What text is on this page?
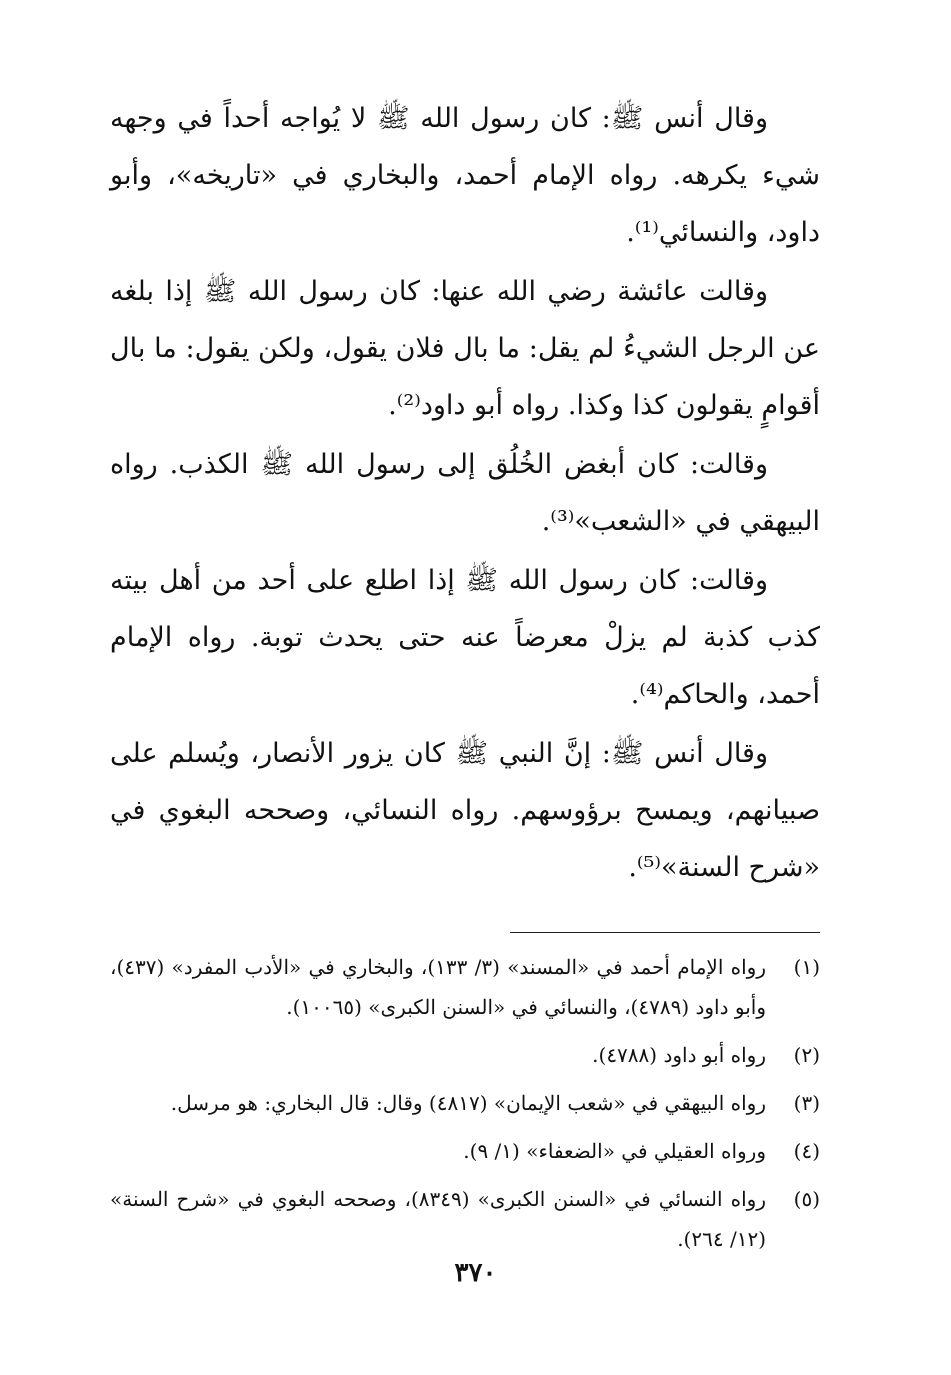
وقال أنس ﷺ: كان رسول الله ﷺ لا يُواجه أحداً في وجهه شيء يكرهه. رواه الإمام أحمد، والبخاري في «تاريخه»، وأبو داود، والنسائي⁽¹⁾.

وقالت عائشة رضي الله عنها: كان رسول الله ﷺ إذا بلغه عن الرجل الشيءُ لم يقل: ما بال فلان يقول، ولكن يقول: ما بال أقوامٍ يقولون كذا وكذا. رواه أبو داود⁽²⁾.

وقالت: كان أبغض الخُلُق إلى رسول الله ﷺ الكذب. رواه البيهقي في «الشعب»⁽³⁾.

وقالت: كان رسول الله ﷺ إذا اطلع على أحد من أهل بيته كذب كذبة لم يزلْ معرضاً عنه حتى يحدث توبة. رواه الإمام أحمد، والحاكم⁽⁴⁾.

وقال أنس ﷺ: إنَّ النبي ﷺ كان يزور الأنصار، ويُسلم على صبيانهم، ويمسح برؤوسهم. رواه النسائي، وصححه البغوي في «شرح السنة»⁽⁵⁾.

(١)
رواه الإمام أحمد في «المسند» (٣/ ١٣٣)، والبخاري في «الأدب المفرد» (٤٣٧)، وأبو داود (٤٧٨٩)، والنسائي في «السنن الكبرى» (١٠٠٦٥).
(٢)
رواه أبو داود (٤٧٨٨).
(٣)
رواه البيهقي في «شعب الإيمان» (٤٨١٧) وقال: قال البخاري: هو مرسل.
(٤)
ورواه العقيلي في «الضعفاء» (١/ ٩).
(٥)
رواه النسائي في «السنن الكبرى» (٨٣٤٩)، وصححه البغوي في «شرح السنة» (١٢/ ٢٦٤).
٣٧٠
